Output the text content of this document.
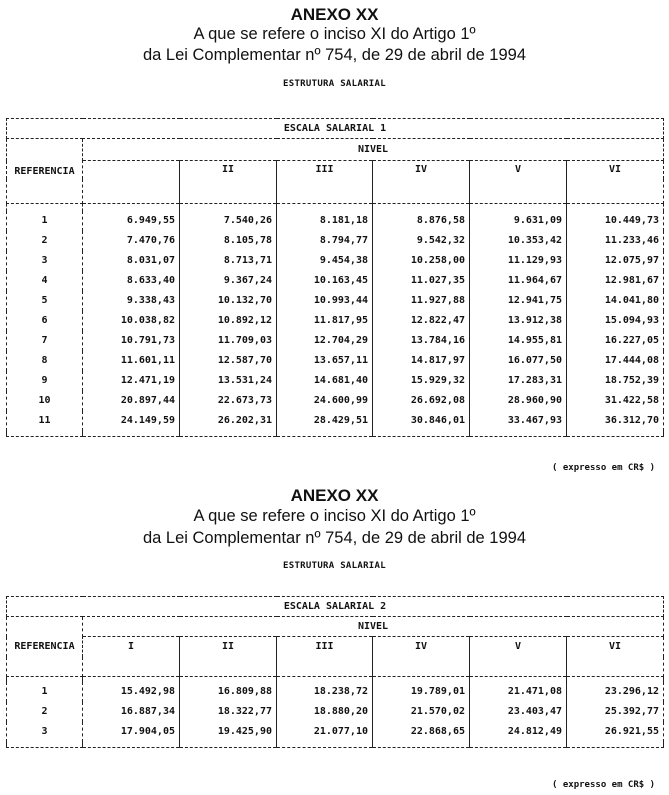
ANEXO XX
A que se refere o inciso XI do Artigo 1º
da Lei Complementar nº 754, de 29 de abril de 1994
ESTRUTURA SALARIAL
ESCALA SALARIAL 1						
REFERENCIA	NIVEL					
		II	III	IV	V	VI

1	6.949,55	7.540,26	8.181,18	8.876,58	9.631,09	10.449,73
2	7.470,76	8.105,78	8.794,77	9.542,32	10.353,42	11.233,46
3	8.031,07	8.713,71	9.454,38	10.258,00	11.129,93	12.075,97
4	8.633,40	9.367,24	10.163,45	11.027,35	11.964,67	12.981,67
5	9.338,43	10.132,70	10.993,44	11.927,88	12.941,75	14.041,80
6	10.038,82	10.892,12	11.817,95	12.822,47	13.912,38	15.094,93
7	10.791,73	11.709,03	12.704,29	13.784,16	14.955,81	16.227,05
8	11.601,11	12.587,70	13.657,11	14.817,97	16.077,50	17.444,08
9	12.471,19	13.531,24	14.681,40	15.929,32	17.283,31	18.752,39
10	20.897,44	22.673,73	24.600,99	26.692,08	28.960,90	31.422,58
11	24.149,59	26.202,31	28.429,51	30.846,01	33.467,93	36.312,70

( expresso em CR$ )
ANEXO XX
A que se refere o inciso XI do Artigo 1º
da Lei Complementar nº 754, de 29 de abril de 1994
ESTRUTURA SALARIAL
ESCALA SALARIAL 2						
REFERENCIA	NIVEL					
	I	II	III	IV	V	VI

1	15.492,98	16.809,88	18.238,72	19.789,01	21.471,08	23.296,12
2	16.887,34	18.322,77	18.880,20	21.570,02	23.403,47	25.392,77
3	17.904,05	19.425,90	21.077,10	22.868,65	24.812,49	26.921,55

( expresso em CR$ )
